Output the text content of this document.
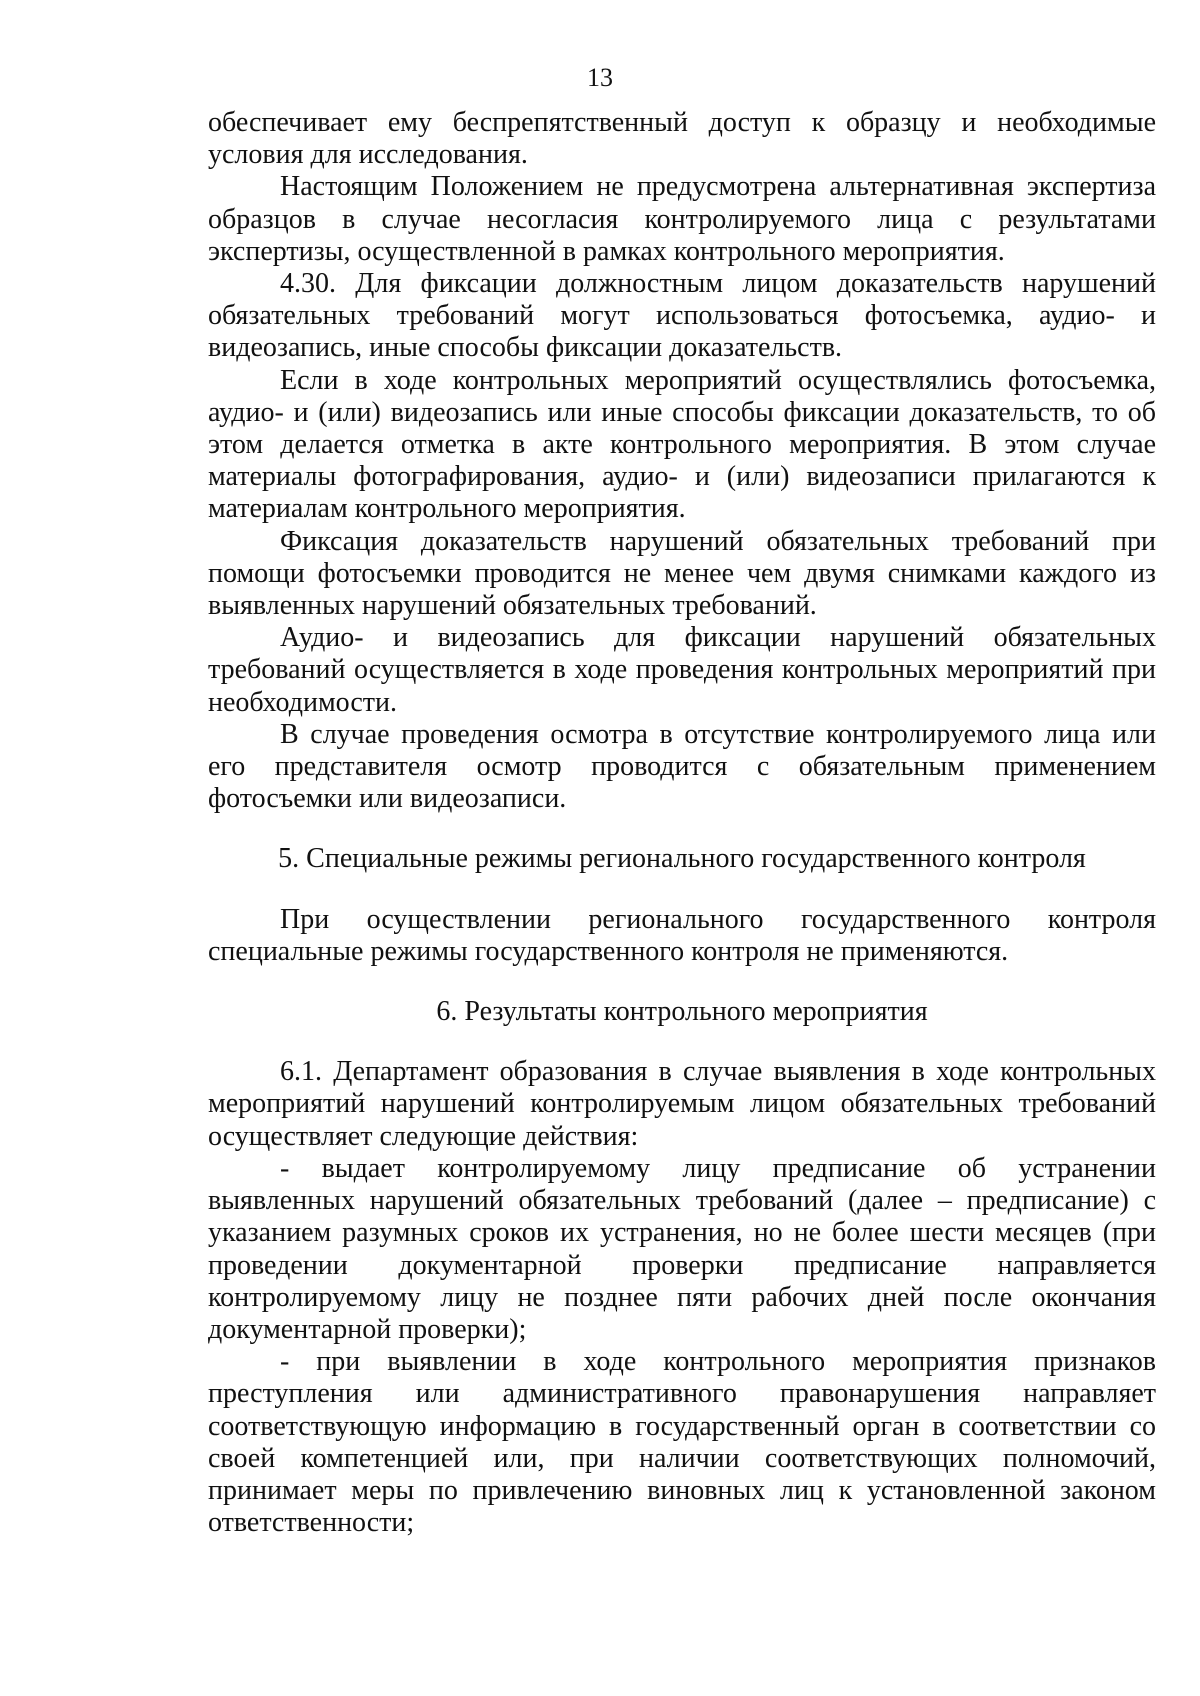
13

обеспечивает ему беспрепятственный доступ к образцу и необходимые условия для исследования.

Настоящим Положением не предусмотрена альтернативная экспертиза образцов в случае несогласия контролируемого лица с результатами экспертизы, осуществленной в рамках контрольного мероприятия.

4.30. Для фиксации должностным лицом доказательств нарушений обязательных требований могут использоваться фотосъемка, аудио- и видеозапись, иные способы фиксации доказательств.

Если в ходе контрольных мероприятий осуществлялись фотосъемка, аудио- и (или) видеозапись или иные способы фиксации доказательств, то об этом делается отметка в акте контрольного мероприятия. В этом случае материалы фотографирования, аудио- и (или) видеозаписи прилагаются к материалам контрольного мероприятия.

Фиксация доказательств нарушений обязательных требований при помощи фотосъемки проводится не менее чем двумя снимками каждого из выявленных нарушений обязательных требований.

Аудио- и видеозапись для фиксации нарушений обязательных требований осуществляется в ходе проведения контрольных мероприятий при необходимости.

В случае проведения осмотра в отсутствие контролируемого лица или его представителя осмотр проводится с обязательным применением фотосъемки или видеозаписи.

5. Специальные режимы регионального государственного контроля

При осуществлении регионального государственного контроля специальные режимы государственного контроля не применяются.

6. Результаты контрольного мероприятия

6.1. Департамент образования в случае выявления в ходе контрольных мероприятий нарушений контролируемым лицом обязательных требований осуществляет следующие действия:

- выдает контролируемому лицу предписание об устранении выявленных нарушений обязательных требований (далее – предписание) с указанием разумных сроков их устранения, но не более шести месяцев (при проведении документарной проверки предписание направляется контролируемому лицу не позднее пяти рабочих дней после окончания документарной проверки);

- при выявлении в ходе контрольного мероприятия признаков преступления или административного правонарушения направляет соответствующую информацию в государственный орган в соответствии со своей компетенцией или, при наличии соответствующих полномочий, принимает меры по привлечению виновных лиц к установленной законом ответственности;
